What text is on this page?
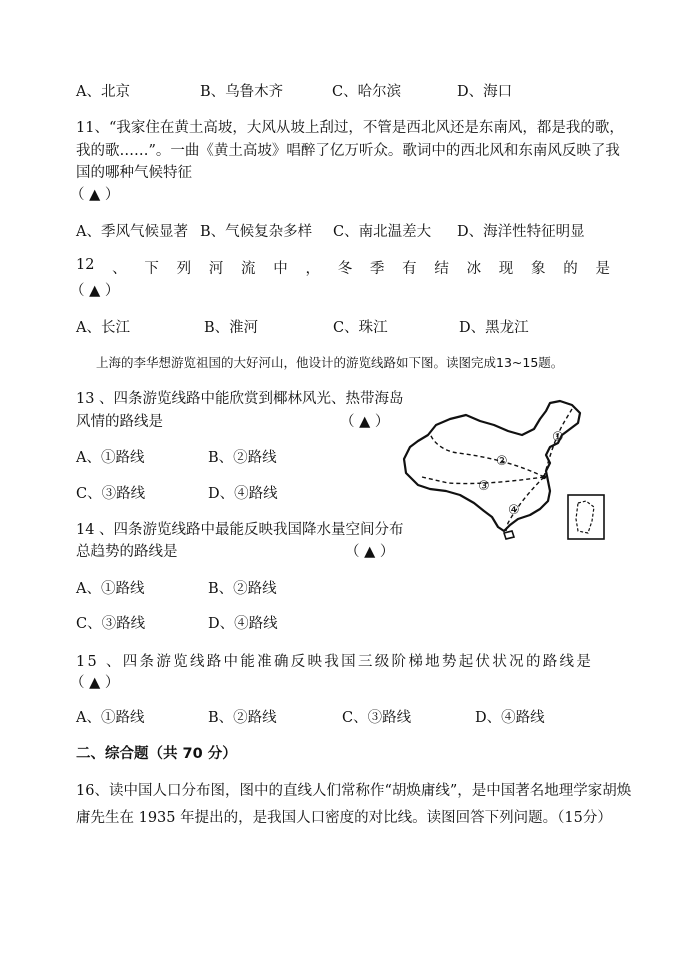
A、北京	B、乌鲁木齐	C、哈尔滨	D、海口
11、“我家住在黄土高坡，大风从坡上刮过，不管是西北风还是东南风，都是我的歌，
我的歌……”。一曲《黄土高坡》唱醉了亿万听众。歌词中的西北风和东南风反映了我
国的哪种气候特征
（ ▲ ）
A、季风气候显著 B、气候复杂多样 C、南北温差大 D、海洋性特征明显
12 、 下 列 河 流 中 ， 冬 季 有 结 冰 现 象 的 是
（ ▲ ）
A、长江	B、淮河	C、珠江	D、黑龙江
上海的李华想游览祖国的大好河山，他设计的游览线路如下图。读图完成13~15题。
13 、四条游览线路中能欣赏到椰林风光、热带海岛
风情的路线是	（ ▲ ）
A、①路线	B、②路线
C、③路线	D、④路线
14 、四条游览线路中最能反映我国降水量空间分布
总趋势的路线是	（ ▲ ）
A、①路线	B、②路线
C、③路线	D、④路线
15 、四条游览线路中能准确反映我国三级阶梯地势起伏状况的路线是
（ ▲ ）
A、①路线	B、②路线	C、③路线	D、④路线
二、综合题（共 70 分）
16、读中国人口分布图，图中的直线人们常称作“胡焕庸线”，是中国著名地理学家胡焕
庸先生在 1935 年提出的，是我国人口密度的对比线。读图回答下列问题。（15分）
①
②
③
④
